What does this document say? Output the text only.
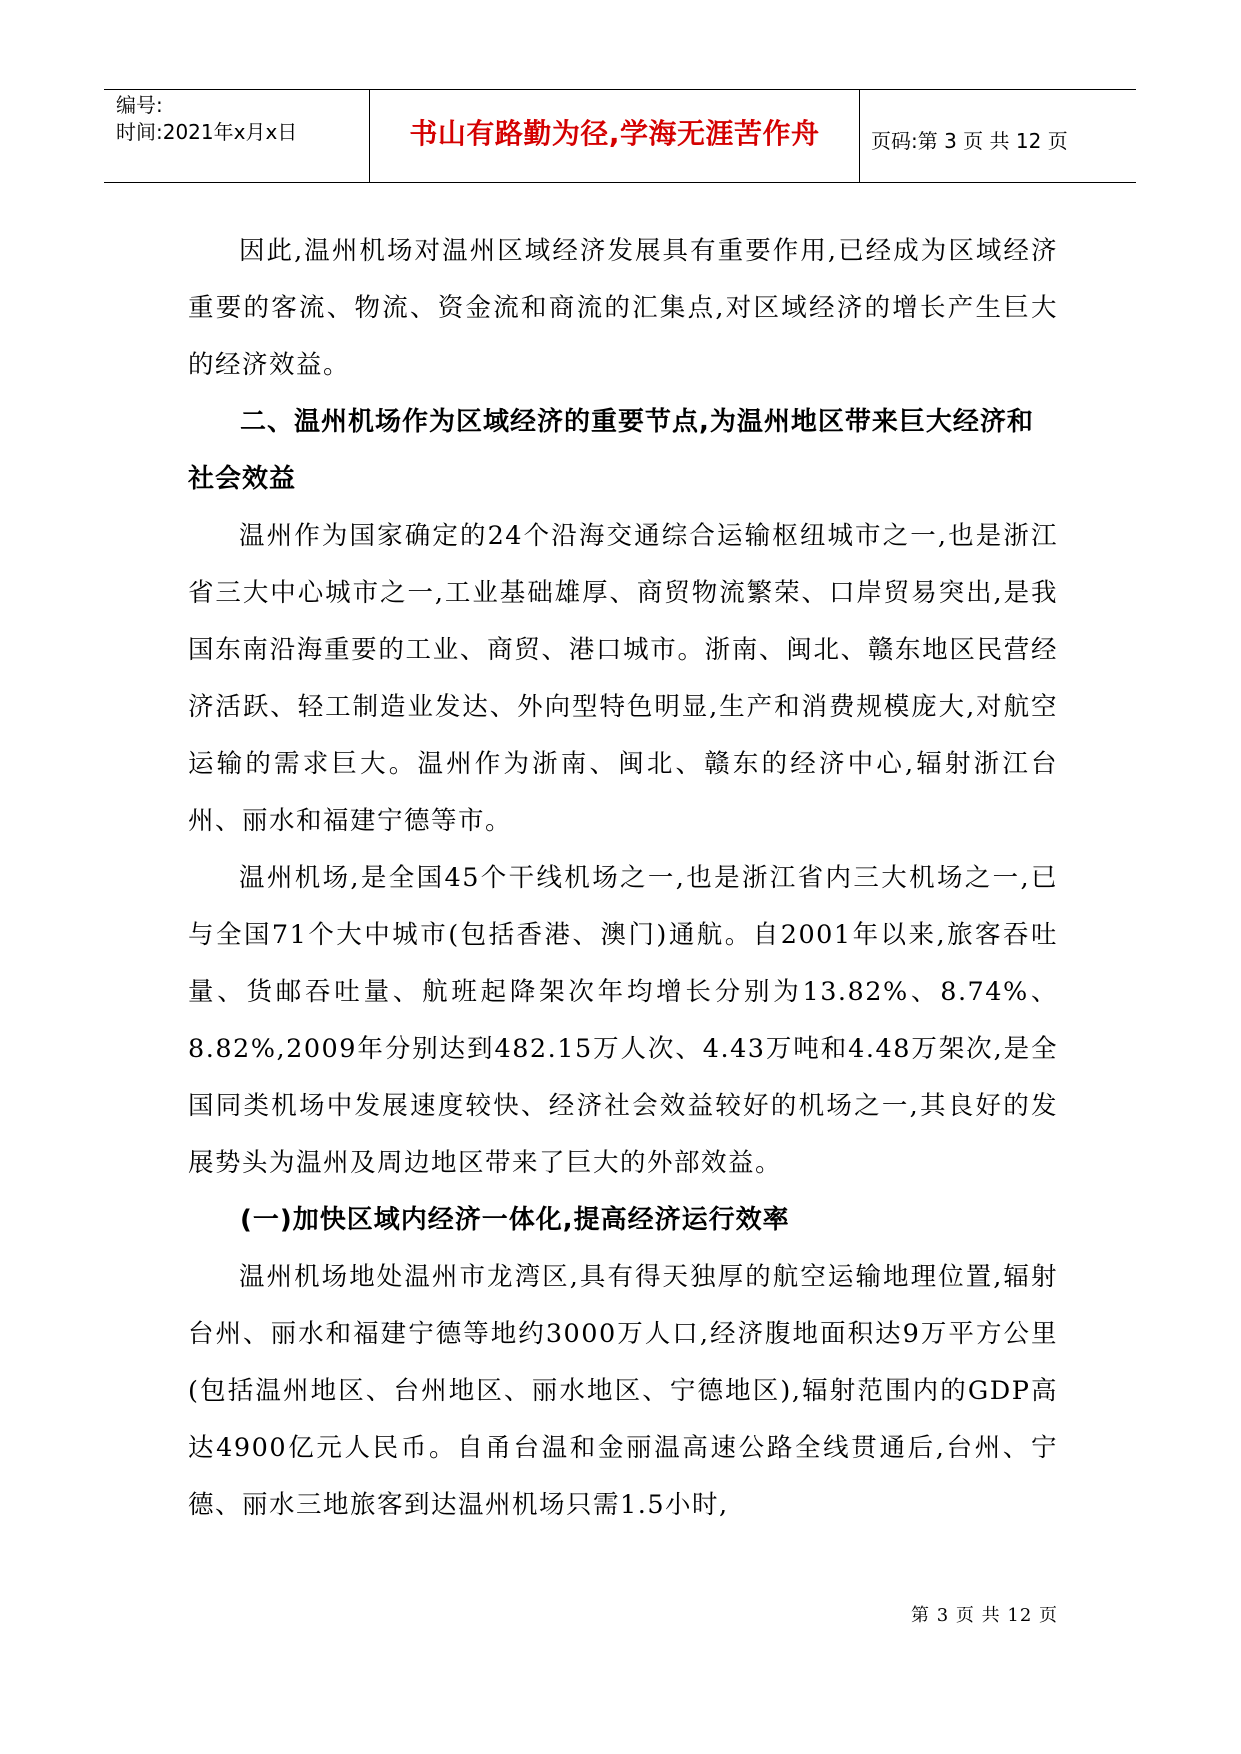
编号:
时间:2021年x月x日	书山有路勤为径,学海无涯苦作舟	页码:第 3 页 共 12 页

因此,温州机场对温州区域经济发展具有重要作用,已经成为区域经济重要的客流、物流、资金流和商流的汇集点,对区域经济的增长产生巨大的经济效益。

二、温州机场作为区域经济的重要节点,为温州地区带来巨大经济和社会效益

温州作为国家确定的24个沿海交通综合运输枢纽城市之一,也是浙江省三大中心城市之一,工业基础雄厚、商贸物流繁荣、口岸贸易突出,是我国东南沿海重要的工业、商贸、港口城市。浙南、闽北、赣东地区民营经济活跃、轻工制造业发达、外向型特色明显,生产和消费规模庞大,对航空运输的需求巨大。温州作为浙南、闽北、赣东的经济中心,辐射浙江台州、丽水和福建宁德等市。

温州机场,是全国45个干线机场之一,也是浙江省内三大机场之一,已与全国71个大中城市(包括香港、澳门)通航。自2001年以来,旅客吞吐量、货邮吞吐量、航班起降架次年均增长分别为13.82%、8.74%、8.82%,2009年分别达到482.15万人次、4.43万吨和4.48万架次,是全国同类机场中发展速度较快、经济社会效益较好的机场之一,其良好的发展势头为温州及周边地区带来了巨大的外部效益。

(一)加快区域内经济一体化,提高经济运行效率

温州机场地处温州市龙湾区,具有得天独厚的航空运输地理位置,辐射台州、丽水和福建宁德等地约3000万人口,经济腹地面积达9万平方公里(包括温州地区、台州地区、丽水地区、宁德地区),辐射范围内的GDP高达4900亿元人民币。自甬台温和金丽温高速公路全线贯通后,台州、宁德、丽水三地旅客到达温州机场只需1.5小时,

第 3 页 共 12 页
